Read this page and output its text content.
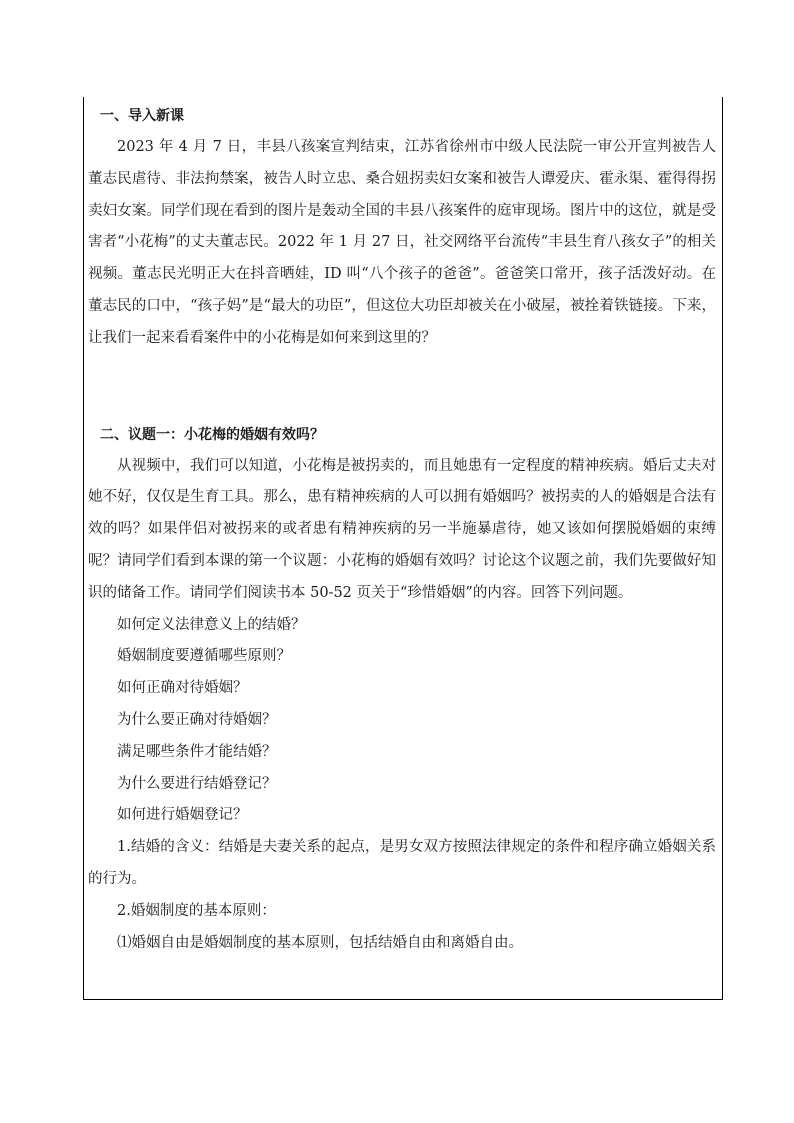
一、导入新课

2023 年 4 月 7 日，丰县八孩案宣判结束，江苏省徐州市中级人民法院一审公开宣判被告人董志民虐待、非法拘禁案，被告人时立忠、桑合妞拐卖妇女案和被告人谭爱庆、霍永渠、霍得得拐卖妇女案。同学们现在看到的图片是轰动全国的丰县八孩案件的庭审现场。图片中的这位，就是受害者“小花梅”的丈夫董志民。2022 年 1 月 27 日，社交网络平台流传“丰县生育八孩女子”的相关视频。董志民光明正大在抖音晒娃，ID 叫“八个孩子的爸爸”。爸爸笑口常开，孩子活泼好动。在董志民的口中，“孩子妈”是“最大的功臣”，但这位大功臣却被关在小破屋，被拴着铁链接。下来，让我们一起来看看案件中的小花梅是如何来到这里的？

二、议题一：小花梅的婚姻有效吗？

从视频中，我们可以知道，小花梅是被拐卖的，而且她患有一定程度的精神疾病。婚后丈夫对她不好，仅仅是生育工具。那么，患有精神疾病的人可以拥有婚姻吗？被拐卖的人的婚姻是合法有效的吗？如果伴侣对被拐来的或者患有精神疾病的另一半施暴虐待，她又该如何摆脱婚姻的束缚呢？请同学们看到本课的第一个议题：小花梅的婚姻有效吗？讨论这个议题之前，我们先要做好知识的储备工作。请同学们阅读书本 50-52 页关于“珍惜婚姻”的内容。回答下列问题。

如何定义法律意义上的结婚？
婚姻制度要遵循哪些原则？
如何正确对待婚姻？
为什么要正确对待婚姻？
满足哪些条件才能结婚？
为什么要进行结婚登记？
如何进行婚姻登记？

1.结婚的含义：结婚是夫妻关系的起点，是男女双方按照法律规定的条件和程序确立婚姻关系的行为。

2.婚姻制度的基本原则：
⑴婚姻自由是婚姻制度的基本原则，包括结婚自由和离婚自由。
